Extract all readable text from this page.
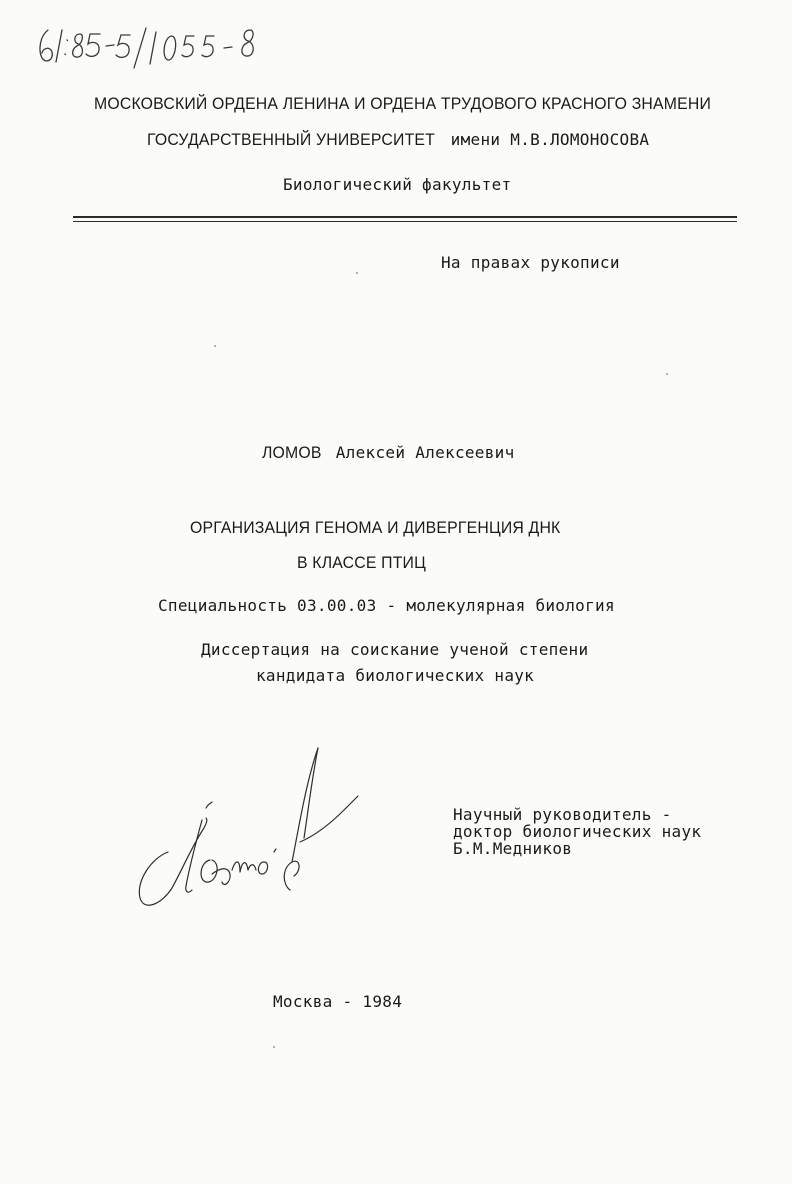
МОСКОВСКИЙ ОРДЕНА ЛЕНИНА И ОРДЕНА ТРУДОВОГО КРАСНОГО ЗНАМЕНИ
ГОСУДАРСТВЕННЫЙ УНИВЕРСИТЕТ имени М.В.ЛОМОНОСОВА
Биологический факультет
На правах рукописи
ЛОМОВ Алексей Алексеевич
ОРГАНИЗАЦИЯ ГЕНОМА И ДИВЕРГЕНЦИЯ ДНК
В КЛАССЕ ПТИЦ
Специальность 03.00.03 - молекулярная биология
Диссертация на соискание ученой степени
кандидата биологических наук
Научный руководитель -
доктор биологических наук
Б.М.Медников
Москва - 1984
